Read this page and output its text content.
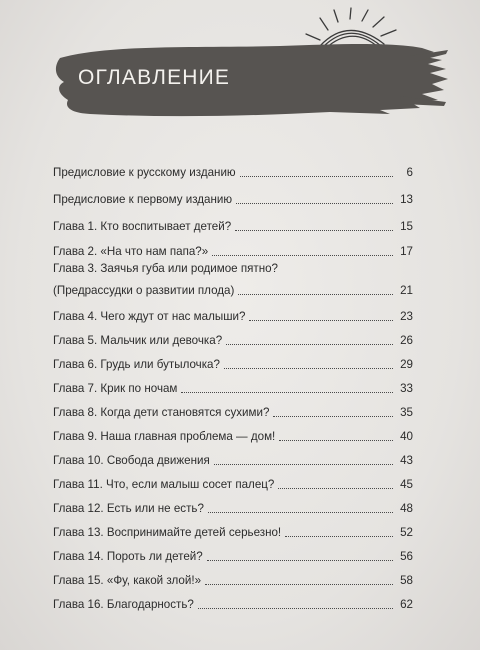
ОГЛАВЛЕНИЕ
Предисловие к русскому изданию	6
Предисловие к первому изданию	13
Глава 1. Кто воспитывает детей?	15
Глава 2. «На что нам папа?»	17
Глава 3. Заячья губа или родимое пятно?
(Предрассудки о развитии плода)	21
Глава 4. Чего ждут от нас малыши?	23
Глава 5. Мальчик или девочка?	26
Глава 6. Грудь или бутылочка?	29
Глава 7. Крик по ночам	33
Глава 8. Когда дети становятся сухими?	35
Глава 9. Наша главная проблема — дом!	40
Глава 10. Свобода движения	43
Глава 11. Что, если малыш сосет палец?	45
Глава 12. Есть или не есть?	48
Глава 13. Воспринимайте детей серьезно!	52
Глава 14. Пороть ли детей?	56
Глава 15. «Фу, какой злой!»	58
Глава 16. Благодарность?	62
